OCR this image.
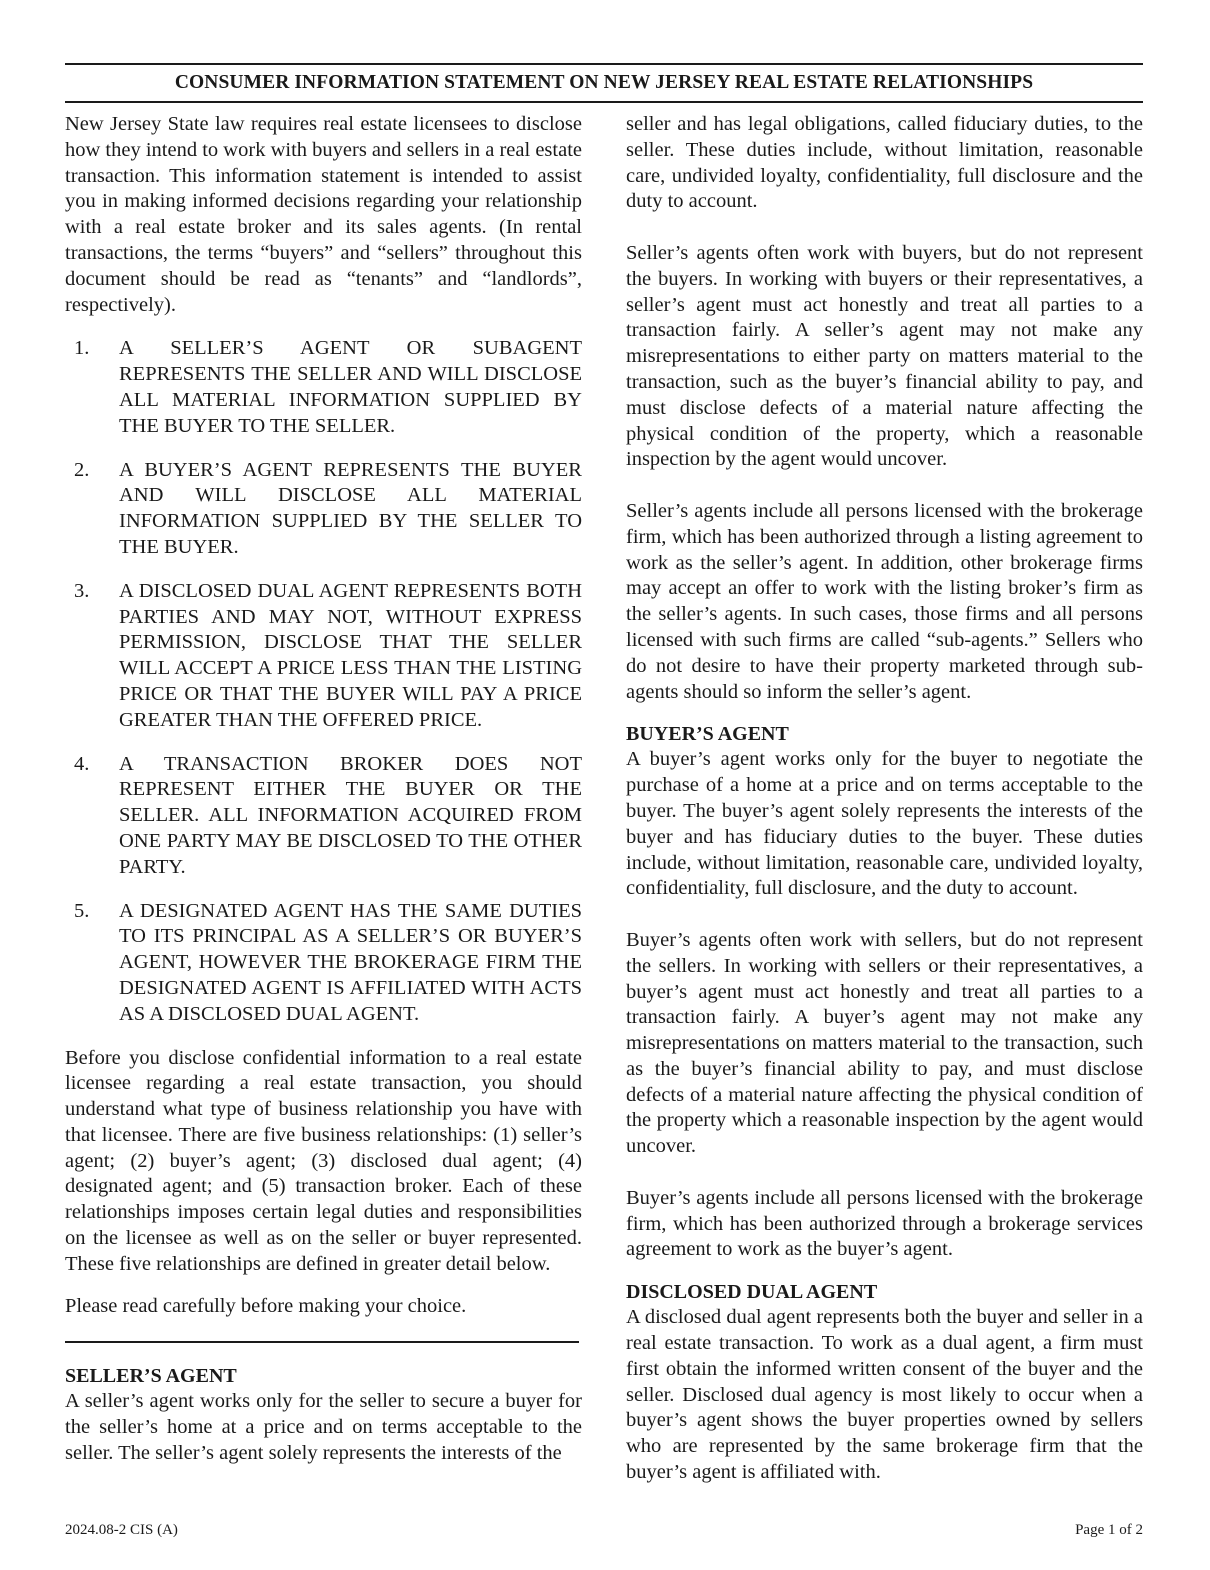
CONSUMER INFORMATION STATEMENT ON NEW JERSEY REAL ESTATE RELATIONSHIPS

New Jersey State law requires real estate licensees to disclose how they intend to work with buyers and sellers in a real estate transaction. This information statement is intended to assist you in making informed decisions regarding your relationship with a real estate broker and its sales agents. (In rental transactions, the terms “buyers” and “sellers” throughout this document should be read as “tenants” and “landlords”, respectively).

1.	A SELLER’S AGENT OR SUBAGENT REPRESENTS THE SELLER AND WILL DISCLOSE ALL MATERIAL INFORMATION SUPPLIED BY THE BUYER TO THE SELLER.
2.	A BUYER’S AGENT REPRESENTS THE BUYER AND WILL DISCLOSE ALL MATERIAL INFORMATION SUPPLIED BY THE SELLER TO THE BUYER.
3.	A DISCLOSED DUAL AGENT REPRESENTS BOTH PARTIES AND MAY NOT, WITHOUT EXPRESS PERMISSION, DISCLOSE THAT THE SELLER WILL ACCEPT A PRICE LESS THAN THE LISTING PRICE OR THAT THE BUYER WILL PAY A PRICE GREATER THAN THE OFFERED PRICE.
4.	A TRANSACTION BROKER DOES NOT REPRESENT EITHER THE BUYER OR THE SELLER. ALL INFORMATION ACQUIRED FROM ONE PARTY MAY BE DISCLOSED TO THE OTHER PARTY.
5.	A DESIGNATED AGENT HAS THE SAME DUTIES TO ITS PRINCIPAL AS A SELLER’S OR BUYER’S AGENT, HOWEVER THE BROKERAGE FIRM THE DESIGNATED AGENT IS AFFILIATED WITH ACTS AS A DISCLOSED DUAL AGENT.

Before you disclose confidential information to a real estate licensee regarding a real estate transaction, you should understand what type of business relationship you have with that licensee. There are five business relationships: (1) seller’s agent; (2) buyer’s agent; (3) disclosed dual agent; (4) designated agent; and (5) transaction broker. Each of these relationships imposes certain legal duties and responsibilities on the licensee as well as on the seller or buyer represented. These five relationships are defined in greater detail below.

Please read carefully before making your choice.

SELLER’S AGENT

A seller’s agent works only for the seller to secure a buyer for the seller’s home at a price and on terms acceptable to the seller. The seller’s agent solely represents the interests of the

seller and has legal obligations, called fiduciary duties, to the seller. These duties include, without limitation, reasonable care, undivided loyalty, confidentiality, full disclosure and the duty to account.

Seller’s agents often work with buyers, but do not represent the buyers. In working with buyers or their representatives, a seller’s agent must act honestly and treat all parties to a transaction fairly. A seller’s agent may not make any misrepresentations to either party on matters material to the transaction, such as the buyer’s financial ability to pay, and must disclose defects of a material nature affecting the physical condition of the property, which a reasonable inspection by the agent would uncover.

Seller’s agents include all persons licensed with the brokerage firm, which has been authorized through a listing agreement to work as the seller’s agent. In addition, other brokerage firms may accept an offer to work with the listing broker’s firm as the seller’s agents. In such cases, those firms and all persons licensed with such firms are called “sub-agents.” Sellers who do not desire to have their property marketed through sub-agents should so inform the seller’s agent.

BUYER’S AGENT

A buyer’s agent works only for the buyer to negotiate the purchase of a home at a price and on terms acceptable to the buyer. The buyer’s agent solely represents the interests of the buyer and has fiduciary duties to the buyer. These duties include, without limitation, reasonable care, undivided loyalty, confidentiality, full disclosure, and the duty to account.

Buyer’s agents often work with sellers, but do not represent the sellers. In working with sellers or their representatives, a buyer’s agent must act honestly and treat all parties to a transaction fairly. A buyer’s agent may not make any misrepresentations on matters material to the transaction, such as the buyer’s financial ability to pay, and must disclose defects of a material nature affecting the physical condition of the property which a reasonable inspection by the agent would uncover.

Buyer’s agents include all persons licensed with the brokerage firm, which has been authorized through a brokerage services agreement to work as the buyer’s agent.

DISCLOSED DUAL AGENT

A disclosed dual agent represents both the buyer and seller in a real estate transaction. To work as a dual agent, a firm must first obtain the informed written consent of the buyer and the seller. Disclosed dual agency is most likely to occur when a buyer’s agent shows the buyer properties owned by sellers who are represented by the same brokerage firm that the buyer’s agent is affiliated with.

2024.08-2 CIS (A)	Page 1 of 2
